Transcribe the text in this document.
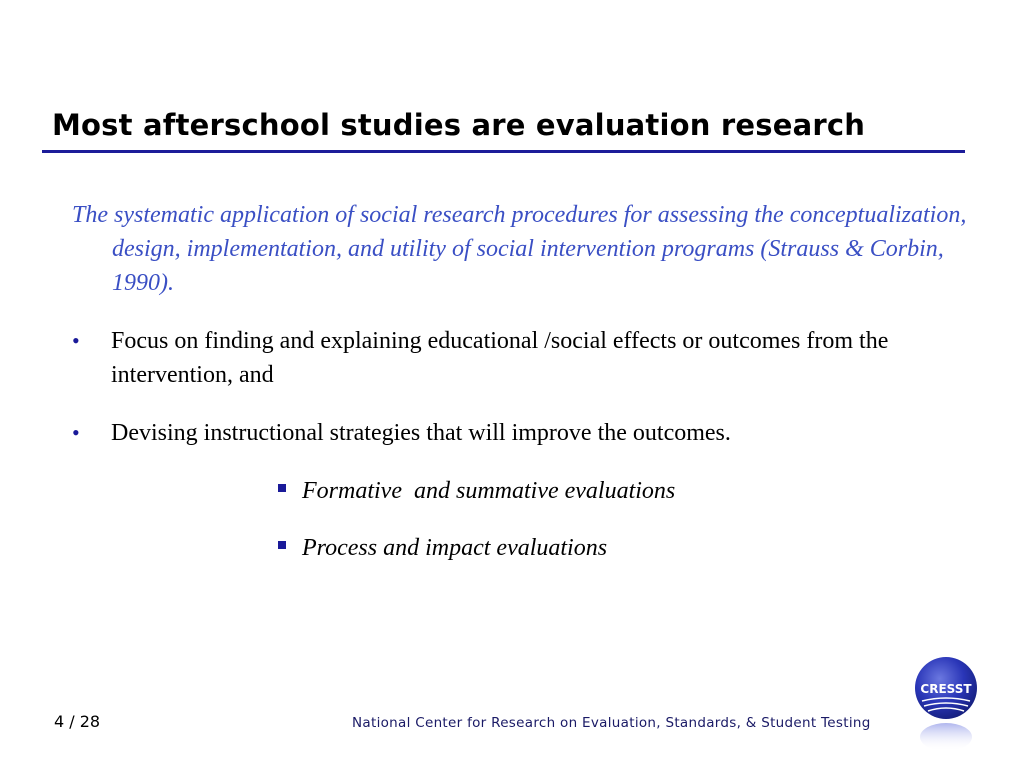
Most afterschool studies are evaluation research
The systematic application of social research procedures for assessing the conceptualization, design, implementation, and utility of social intervention programs (Strauss & Corbin, 1990).
•	Focus on finding and explaining educational /social effects or outcomes from the intervention, and
•	Devising instructional strategies that will improve the outcomes.
Formative  and summative evaluations
Process and impact evaluations
4 / 28	National Center for Research on Evaluation, Standards, & Student Testing
CRESST
